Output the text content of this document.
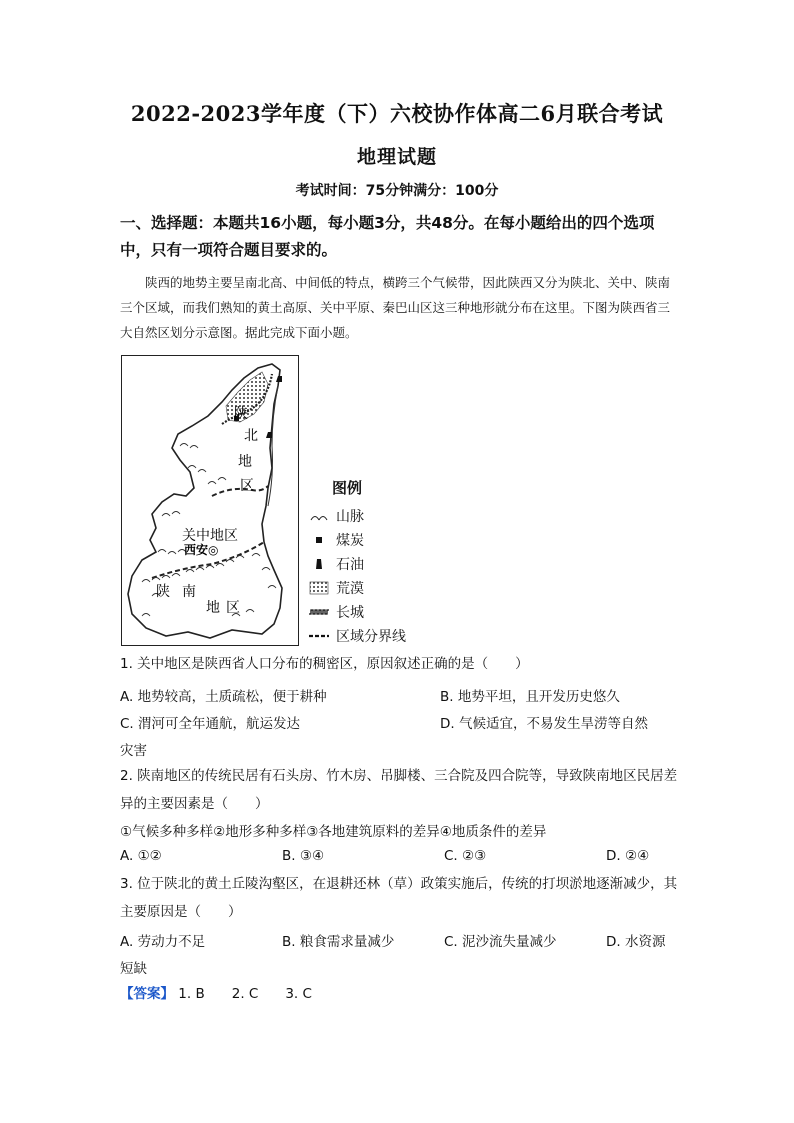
2022-2023学年度（下）六校协作体高二6月联合考试
地理试题
考试时间：75分钟满分：100分
一、选择题：本题共16小题，每小题3分，共48分。在每小题给出的四个选项中，只有一项符合题目要求的。
陕西的地势主要呈南北高、中间低的特点，横跨三个气候带，因此陕西又分为陕北、关中、陕南三个区域，而我们熟知的黄土高原、关中平原、秦巴山区这三种地形就分布在这里。下图为陕西省三大自然区划分示意图。据此完成下面小题。
陕
北
地
区
关中地区
西安◎
陕 南
地 区
图例
山脉
煤炭
石油
荒漠
长城
区域分界线
1. 关中地区是陕西省人口分布的稠密区，原因叙述正确的是（　　）
A. 地势较高，土质疏松，便于耕种	B. 地势平坦，且开发历史悠久
C. 渭河可全年通航，航运发达	D. 气候适宜，不易发生旱涝等自然
灾害
2. 陕南地区的传统民居有石头房、竹木房、吊脚楼、三合院及四合院等，导致陕南地区民居差异的主要因素是（　　）
①气候多种多样②地形多种多样③各地建筑原料的差异④地质条件的差异
A. ①②	B. ③④	C. ②③	D. ②④
3. 位于陕北的黄土丘陵沟壑区，在退耕还林（草）政策实施后，传统的打坝淤地逐渐减少，其主要原因是（　　）
A. 劳动力不足	B. 粮食需求量减少	C. 泥沙流失量减少	D. 水资源
短缺
【答案】 1. B　　2. C　　3. C
